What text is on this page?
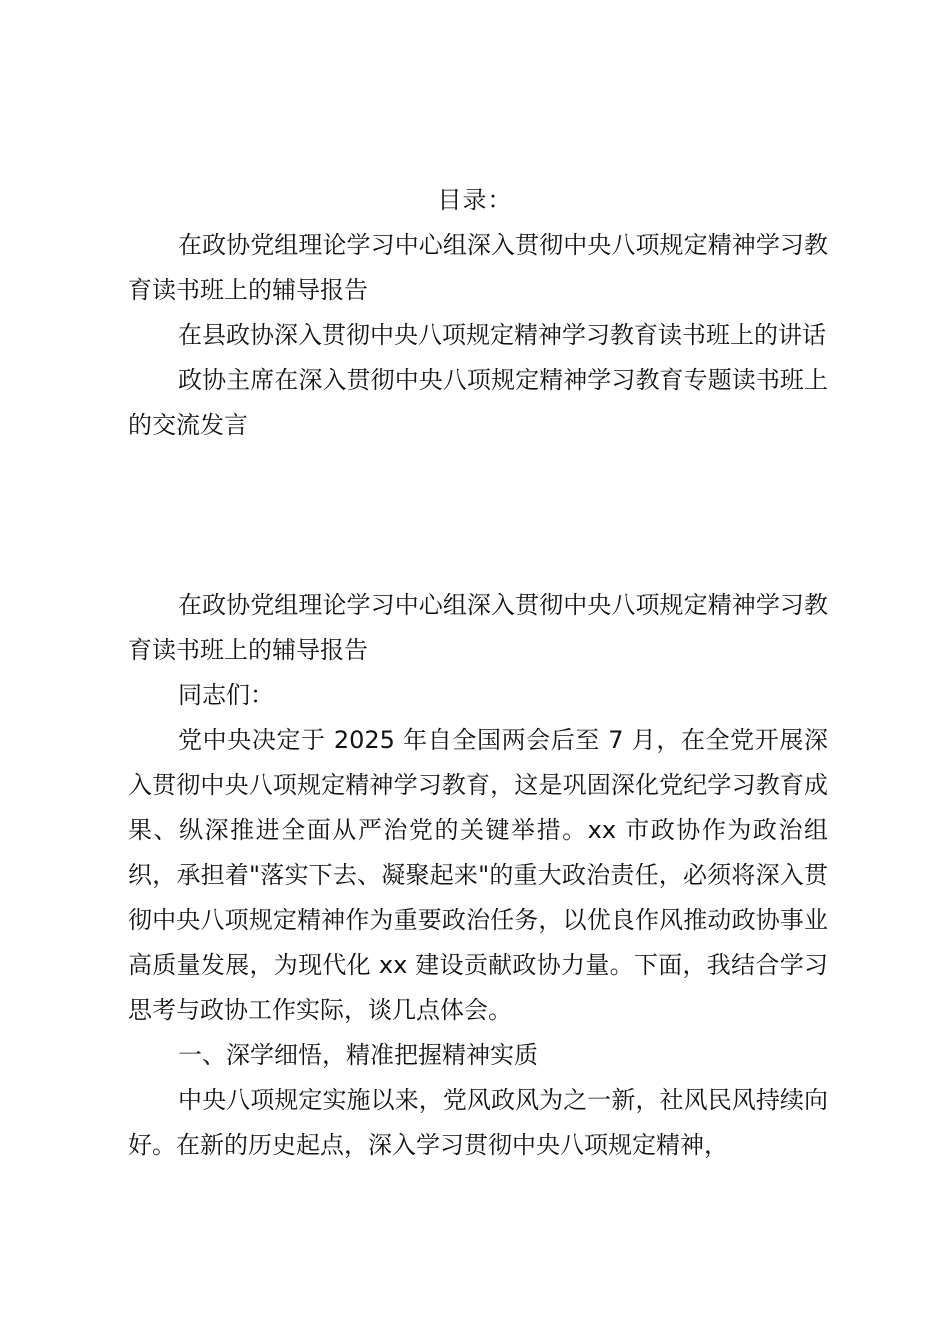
目录：

在政协党组理论学习中心组深入贯彻中央八项规定精神学习教育读书班上的辅导报告

在县政协深入贯彻中央八项规定精神学习教育读书班上的讲话

政协主席在深入贯彻中央八项规定精神学习教育专题读书班上的交流发言

在政协党组理论学习中心组深入贯彻中央八项规定精神学习教育读书班上的辅导报告

同志们：

党中央决定于 2025 年自全国两会后至 7 月，在全党开展深入贯彻中央八项规定精神学习教育，这是巩固深化党纪学习教育成果、纵深推进全面从严治党的关键举措。xx 市政协作为政治组织，承担着"落实下去、凝聚起来"的重大政治责任，必须将深入贯彻中央八项规定精神作为重要政治任务，以优良作风推动政协事业高质量发展，为现代化 xx 建设贡献政协力量。下面，我结合学习思考与政协工作实际，谈几点体会。

一、深学细悟，精准把握精神实质

中央八项规定实施以来，党风政风为之一新，社风民风持续向好。在新的历史起点，深入学习贯彻中央八项规定精神，
